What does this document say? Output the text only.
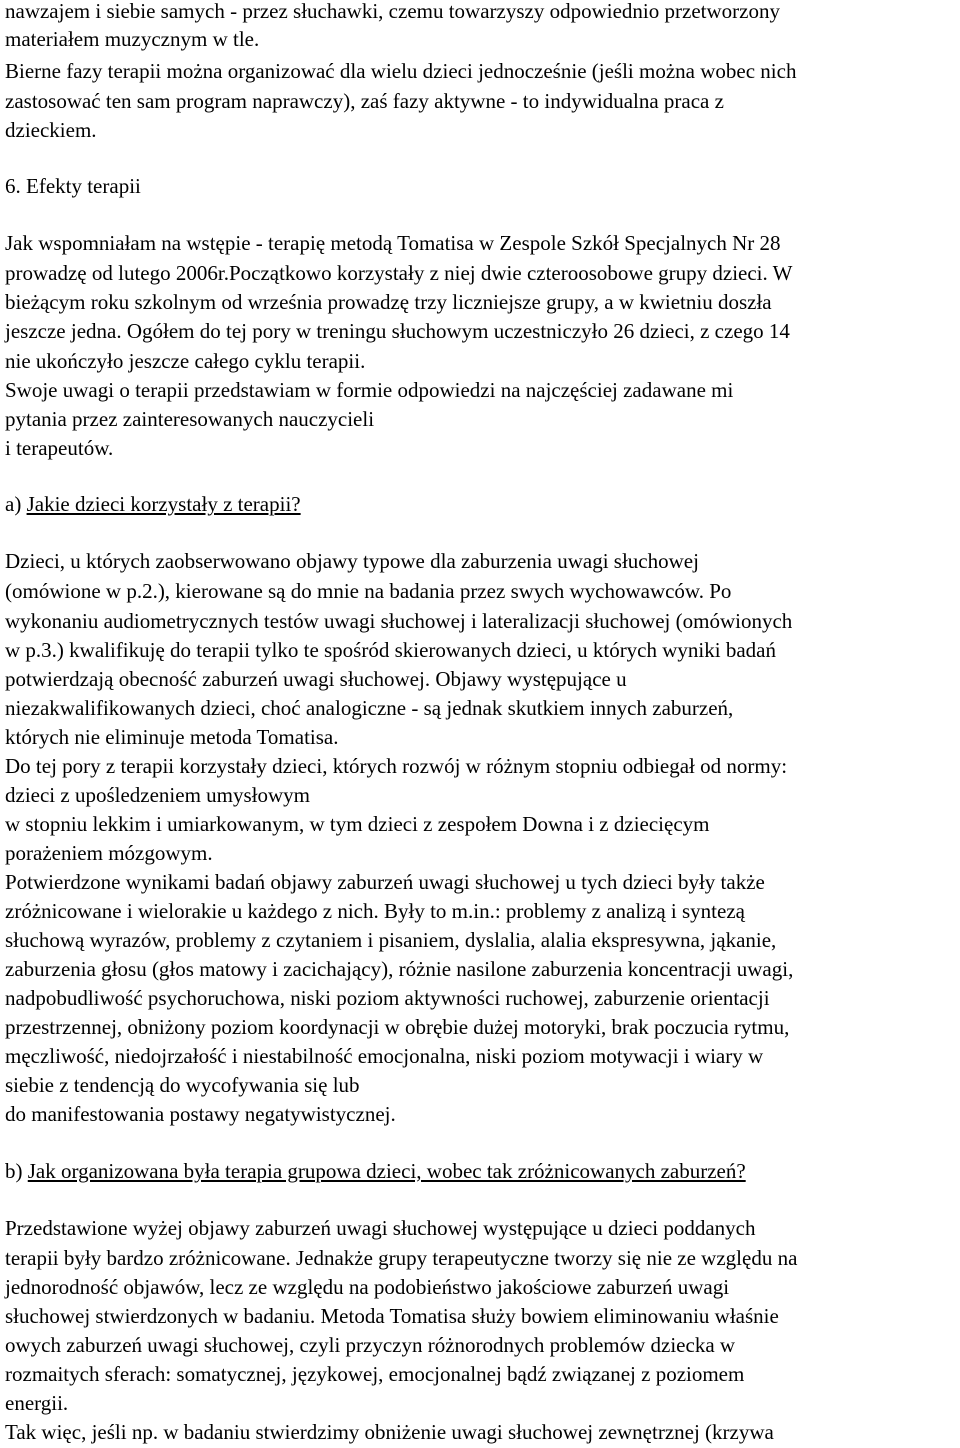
nawzajem i siebie samych - przez słuchawki, czemu towarzyszy odpowiednio przetworzony
materiałem muzycznym w tle.
Bierne fazy terapii można organizować dla wielu dzieci jednocześnie (jeśli można wobec nich
zastosować ten sam program naprawczy), zaś fazy aktywne - to indywidualna praca z
dzieckiem.
6. Efekty terapii
Jak wspomniałam na wstępie - terapię metodą Tomatisa w Zespole Szkół Specjalnych Nr 28
prowadzę od lutego 2006r.Początkowo korzystały z niej dwie czteroosobowe grupy dzieci. W
bieżącym roku szkolnym od września prowadzę trzy liczniejsze grupy, a w kwietniu doszła
jeszcze jedna. Ogółem do tej pory w treningu słuchowym uczestniczyło 26 dzieci, z czego 14
nie ukończyło jeszcze całego cyklu terapii.
Swoje uwagi o terapii przedstawiam w formie odpowiedzi na najczęściej zadawane mi
pytania przez zainteresowanych nauczycieli
i terapeutów.
a) Jakie dzieci korzystały z terapii?
Dzieci, u których zaobserwowano objawy typowe dla zaburzenia uwagi słuchowej
(omówione w p.2.), kierowane są do mnie na badania przez swych wychowawców. Po
wykonaniu audiometrycznych testów uwagi słuchowej i lateralizacji słuchowej (omówionych
w p.3.) kwalifikuję do terapii tylko te spośród skierowanych dzieci, u których wyniki badań
potwierdzają obecność zaburzeń uwagi słuchowej. Objawy występujące u
niezakwalifikowanych dzieci, choć analogiczne - są jednak skutkiem innych zaburzeń,
których nie eliminuje metoda Tomatisa.
Do tej pory z terapii korzystały dzieci, których rozwój w różnym stopniu odbiegał od normy:
dzieci z upośledzeniem umysłowym
w stopniu lekkim i umiarkowanym, w tym dzieci z zespołem Downa i z dziecięcym
porażeniem mózgowym.
Potwierdzone wynikami badań objawy zaburzeń uwagi słuchowej u tych dzieci były także
zróżnicowane i wielorakie u każdego z nich. Były to m.in.: problemy z analizą i syntezą
słuchową wyrazów, problemy z czytaniem i pisaniem, dyslalia, alalia ekspresywna, jąkanie,
zaburzenia głosu (głos matowy i zacichający), różnie nasilone zaburzenia koncentracji uwagi,
nadpobudliwość psychoruchowa, niski poziom aktywności ruchowej, zaburzenie orientacji
przestrzennej, obniżony poziom koordynacji w obrębie dużej motoryki, brak poczucia rytmu,
męczliwość, niedojrzałość i niestabilność emocjonalna, niski poziom motywacji i wiary w
siebie z tendencją do wycofywania się lub
do manifestowania postawy negatywistycznej.
b) Jak organizowana była terapia grupowa dzieci, wobec tak zróżnicowanych zaburzeń?
Przedstawione wyżej objawy zaburzeń uwagi słuchowej występujące u dzieci poddanych
terapii były bardzo zróżnicowane. Jednakże grupy terapeutyczne tworzy się nie ze względu na
jednorodność objawów, lecz ze względu na podobieństwo jakościowe zaburzeń uwagi
słuchowej stwierdzonych w badaniu. Metoda Tomatisa służy bowiem eliminowaniu właśnie
owych zaburzeń uwagi słuchowej, czyli przyczyn różnorodnych problemów dziecka w
rozmaitych sferach: somatycznej, językowej, emocjonalnej bądź związanej z poziomem
energii.
Tak więc, jeśli np. w badaniu stwierdzimy obniżenie uwagi słuchowej zewnętrznej (krzywa
